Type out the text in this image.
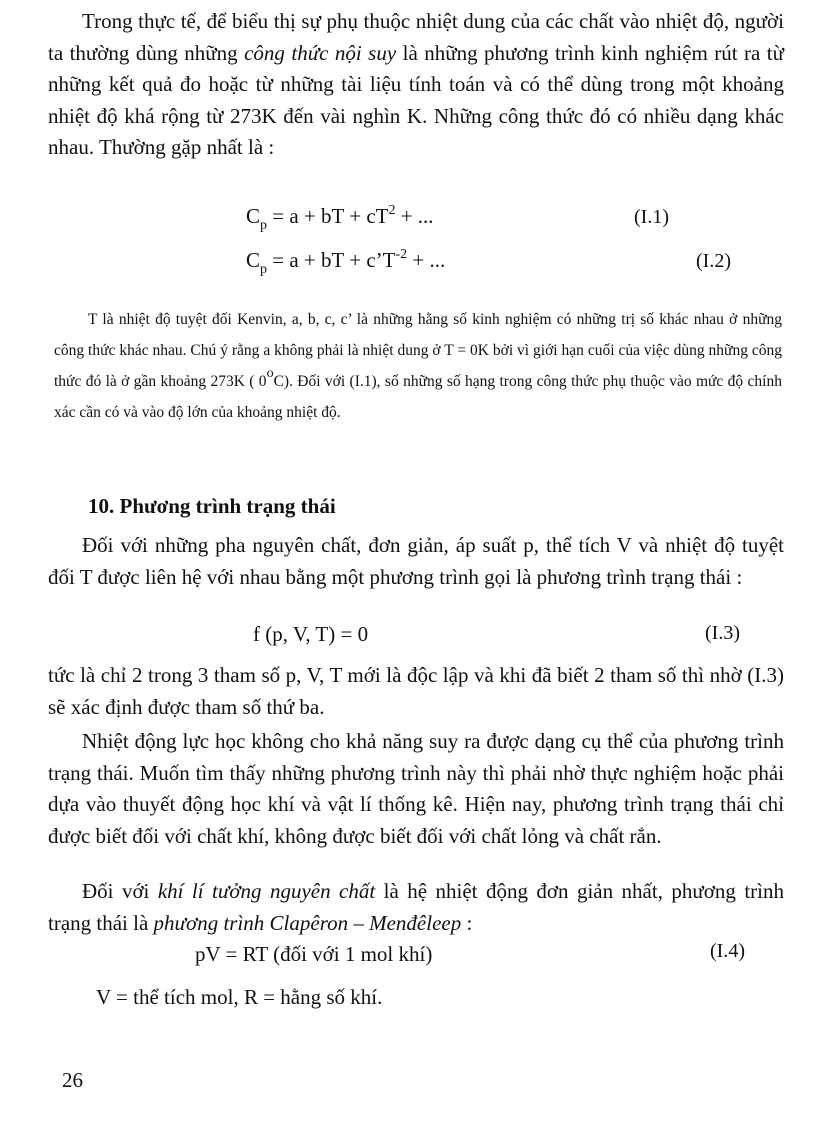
Trong thực tế, để biểu thị sự phụ thuộc nhiệt dung của các chất vào nhiệt độ, người ta thường dùng những công thức nội suy là những phương trình kinh nghiệm rút ra từ những kết quả đo hoặc từ những tài liệu tính toán và có thể dùng trong một khoảng nhiệt độ khá rộng từ 273K đến vài nghìn K. Những công thức đó có nhiều dạng khác nhau. Thường gặp nhất là :
$C_p = a$ + bT + $cT^2$ + ...	(I.1)
$C_p = a$ + bT + $c’T^{-2}$ + ...	(I.2)
T là nhiệt độ tuyệt đối Kenvin, a, b, c, c’ là những hằng số kinh nghiệm có những trị số khác nhau ở những công thức khác nhau. Chú ý rằng a không phải là nhiệt dung ở T = 0K bởi vì giới hạn cuối của việc dùng những công thức đó là ở gần khoảng 273K ( 0$^o$C). Đối với (I.1), số những số hạng trong công thức phụ thuộc vào mức độ chính xác cần có và vào độ lớn của khoảng nhiệt độ.
10. Phương trình trạng thái
Đối với những pha nguyên chất, đơn giản, áp suất p, thể tích V và nhiệt độ tuyệt đối T được liên hệ với nhau bằng một phương trình gọi là phương trình trạng thái :
f (p, V, T) = 0	(I.3)
tức là chỉ 2 trong 3 tham số p, V, T mới là độc lập và khi đã biết 2 tham số thì nhờ (I.3) sẽ xác định được tham số thứ ba.
Nhiệt động lực học không cho khả năng suy ra được dạng cụ thể của phương trình trạng thái. Muốn tìm thấy những phương trình này thì phải nhờ thực nghiệm hoặc phải dựa vào thuyết động học khí và vật lí thống kê. Hiện nay, phương trình trạng thái chỉ được biết đối với chất khí, không được biết đối với chất lỏng và chất rắn.
Đối với khí lí tưởng nguyên chất là hệ nhiệt động đơn giản nhất, phương trình trạng thái là phương trình Clapêron – Menđêleep :
pV = RT (đối với 1 mol khí)	(I.4)
V = thể tích mol, R = hằng số khí.
26
